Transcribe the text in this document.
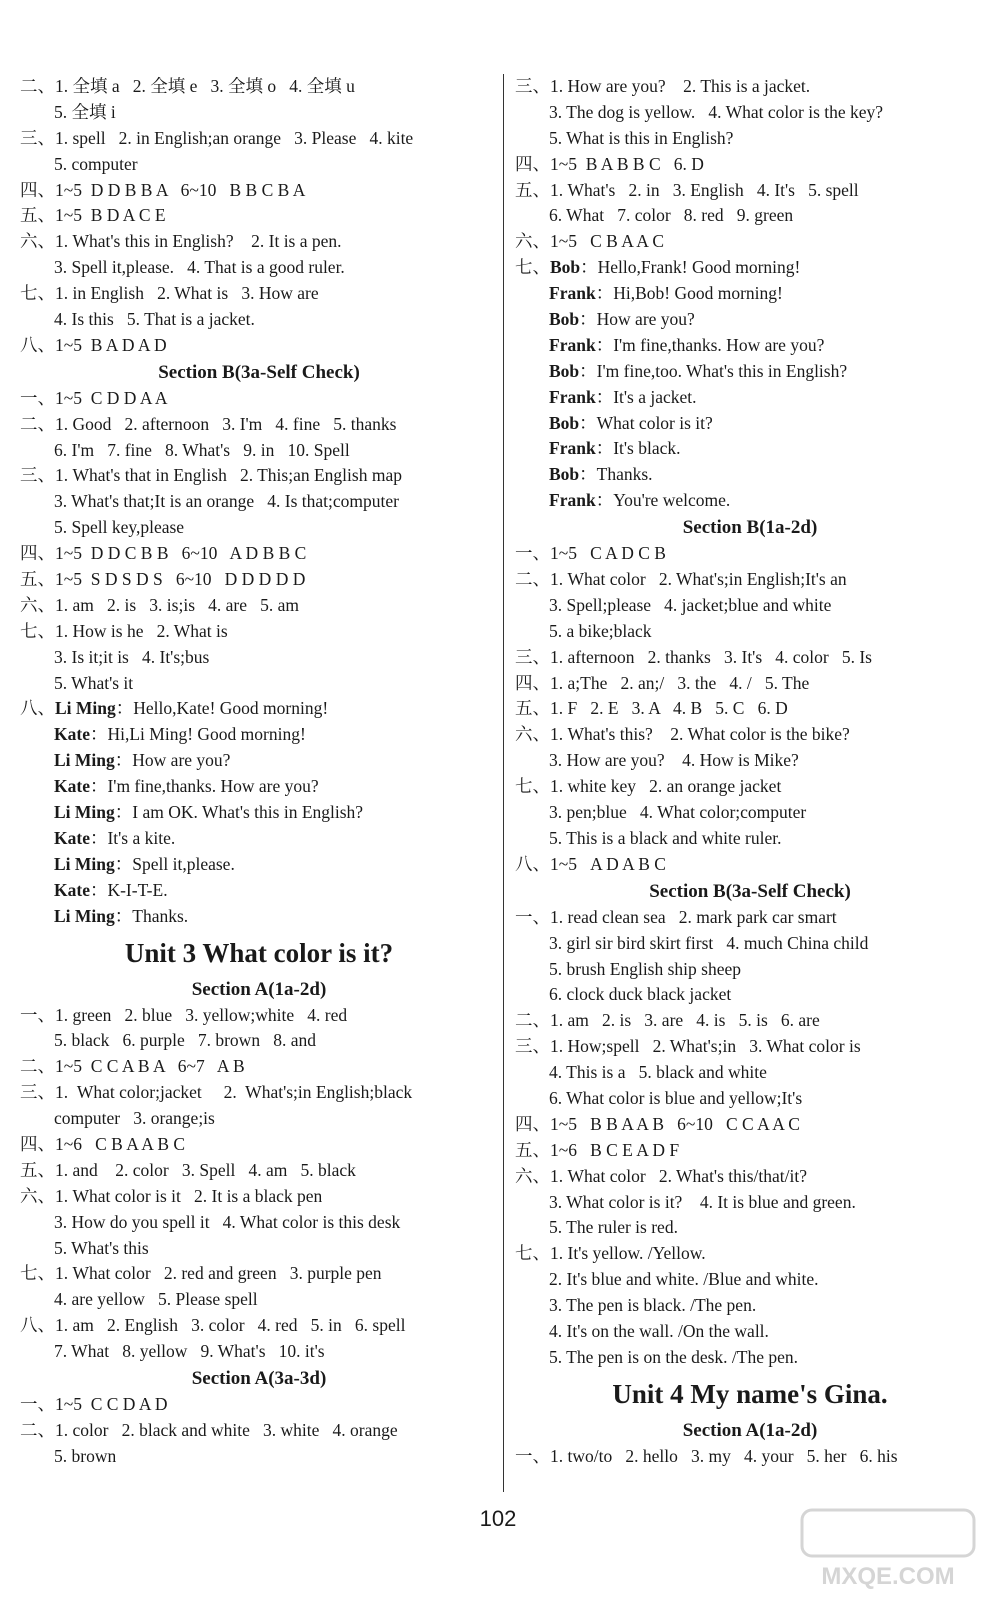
二、1. 全填 a   2. 全填 e   3. 全填 o   4. 全填 u
5. 全填 i
三、1. spell   2. in English;an orange   3. Please   4. kite
5. computer
四、1~5  D D B B A   6~10   B B C B A
五、1~5  B D A C E
六、1. What's this in English?    2. It is a pen.
3. Spell it,please.   4. That is a good ruler.
七、1. in English   2. What is   3. How are
4. Is this   5. That is a jacket.
八、1~5  B A D A D
Section B(3a-Self Check)
一、1~5  C D D A A
二、1. Good   2. afternoon   3. I'm   4. fine   5. thanks
6. I'm   7. fine   8. What's   9. in   10. Spell
三、1. What's that in English   2. This;an English map
3. What's that;It is an orange   4. Is that;computer
5. Spell key,please
四、1~5  D D C B B   6~10   A D B B C
五、1~5  S D S D S   6~10   D D D D D
六、1. am   2. is   3. is;is   4. are   5. am
七、1. How is he   2. What is
3. Is it;it is   4. It's;bus
5. What's it
八、Li Ming：Hello,Kate! Good morning!
Kate：Hi,Li Ming! Good morning!
Li Ming：How are you?
Kate：I'm fine,thanks. How are you?
Li Ming：I am OK. What's this in English?
Kate：It's a kite.
Li Ming：Spell it,please.
Kate：K-I-T-E.
Li Ming：Thanks.
Unit 3 What color is it?
Section A(1a-2d)
一、1. green   2. blue   3. yellow;white   4. red
5. black   6. purple   7. brown   8. and
二、1~5  C C A B A   6~7   A B
三、1.  What color;jacket     2.  What's;in English;black
computer   3. orange;is
四、1~6   C B A A B C
五、1. and    2. color   3. Spell   4. am   5. black
六、1. What color is it   2. It is a black pen
3. How do you spell it   4. What color is this desk
5. What's this
七、1. What color   2. red and green   3. purple pen
4. are yellow   5. Please spell
八、1. am   2. English   3. color   4. red   5. in   6. spell
7. What   8. yellow   9. What's   10. it's
Section A(3a-3d)
一、1~5  C C D A D
二、1. color   2. black and white   3. white   4. orange
5. brown
三、1. How are you?    2. This is a jacket.
3. The dog is yellow.   4. What color is the key?
5. What is this in English?
四、1~5  B A B B C   6. D
五、1. What's   2. in   3. English   4. It's   5. spell
6. What   7. color   8. red   9. green
六、1~5   C B A A C
七、Bob：Hello,Frank! Good morning!
Frank：Hi,Bob! Good morning!
Bob：How are you?
Frank：I'm fine,thanks. How are you?
Bob：I'm fine,too. What's this in English?
Frank：It's a jacket.
Bob：What color is it?
Frank：It's black.
Bob：Thanks.
Frank：You're welcome.
Section B(1a-2d)
一、1~5   C A D C B
二、1. What color   2. What's;in English;It's an
3. Spell;please   4. jacket;blue and white
5. a bike;black
三、1. afternoon   2. thanks   3. It's   4. color   5. Is
四、1. a;The   2. an;/   3. the   4. /   5. The
五、1. F   2. E   3. A   4. B   5. C   6. D
六、1. What's this?    2. What color is the bike?
3. How are you?    4. How is Mike?
七、1. white key   2. an orange jacket
3. pen;blue   4. What color;computer
5. This is a black and white ruler.
八、1~5   A D A B C
Section B(3a-Self Check)
一、1. read clean sea   2. mark park car smart
3. girl sir bird skirt first   4. much China child
5. brush English ship sheep
6. clock duck black jacket
二、1. am   2. is   3. are   4. is   5. is   6. are
三、1. How;spell   2. What's;in   3. What color is
4. This is a   5. black and white
6. What color is blue and yellow;It's
四、1~5   B B A A B   6~10   C C A A C
五、1~6   B C E A D F
六、1. What color   2. What's this/that/it?
3. What color is it?    4. It is blue and green.
5. The ruler is red.
七、1. It's yellow. /Yellow.
2. It's blue and white. /Blue and white.
3. The pen is black. /The pen.
4. It's on the wall. /On the wall.
5. The pen is on the desk. /The pen.
Unit 4 My name's Gina.
Section A(1a-2d)
一、1. two/to   2. hello   3. my   4. your   5. her   6. his
102
MXQE.COM
